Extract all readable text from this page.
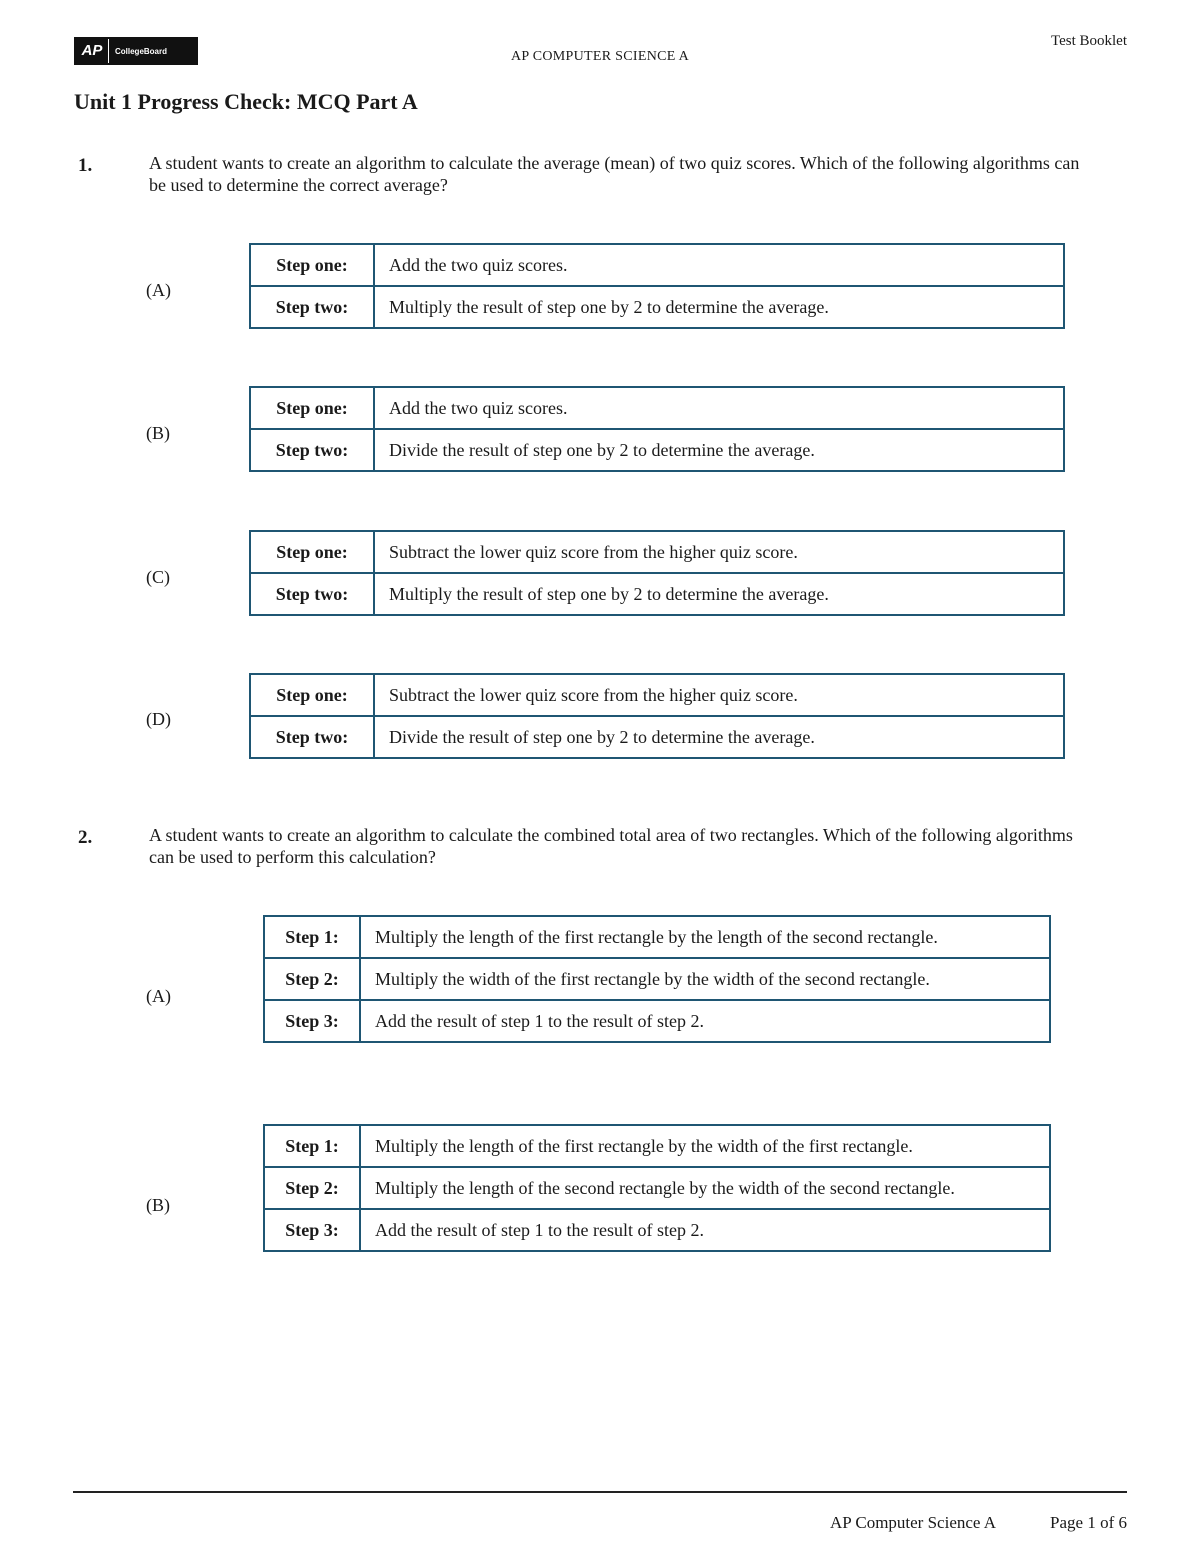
AP	CollegeBoard	AP COMPUTER SCIENCE A
Test Booklet
Unit 1 Progress Check: MCQ Part A
1.	A student wants to create an algorithm to calculate the average (mean) of two quiz scores. Which of the following algorithms can be used to determine the correct average?
(A)
Step one:	Add the two quiz scores.
Step two:	Multiply the result of step one by 2 to determine the average.
(B)
Step one:	Add the two quiz scores.
Step two:	Divide the result of step one by 2 to determine the average.
(C)
Step one:	Subtract the lower quiz score from the higher quiz score.
Step two:	Multiply the result of step one by 2 to determine the average.
(D)
Step one:	Subtract the lower quiz score from the higher quiz score.
Step two:	Divide the result of step one by 2 to determine the average.
2.	A student wants to create an algorithm to calculate the combined total area of two rectangles. Which of the following algorithms can be used to perform this calculation?
(A)
Step 1:	Multiply the length of the first rectangle by the length of the second rectangle.
Step 2:	Multiply the width of the first rectangle by the width of the second rectangle.
Step 3:	Add the result of step 1 to the result of step 2.
(B)
Step 1:	Multiply the length of the first rectangle by the width of the first rectangle.
Step 2:	Multiply the length of the second rectangle by the width of the second rectangle.
Step 3:	Add the result of step 1 to the result of step 2.
AP Computer Science A	Page 1 of 6
